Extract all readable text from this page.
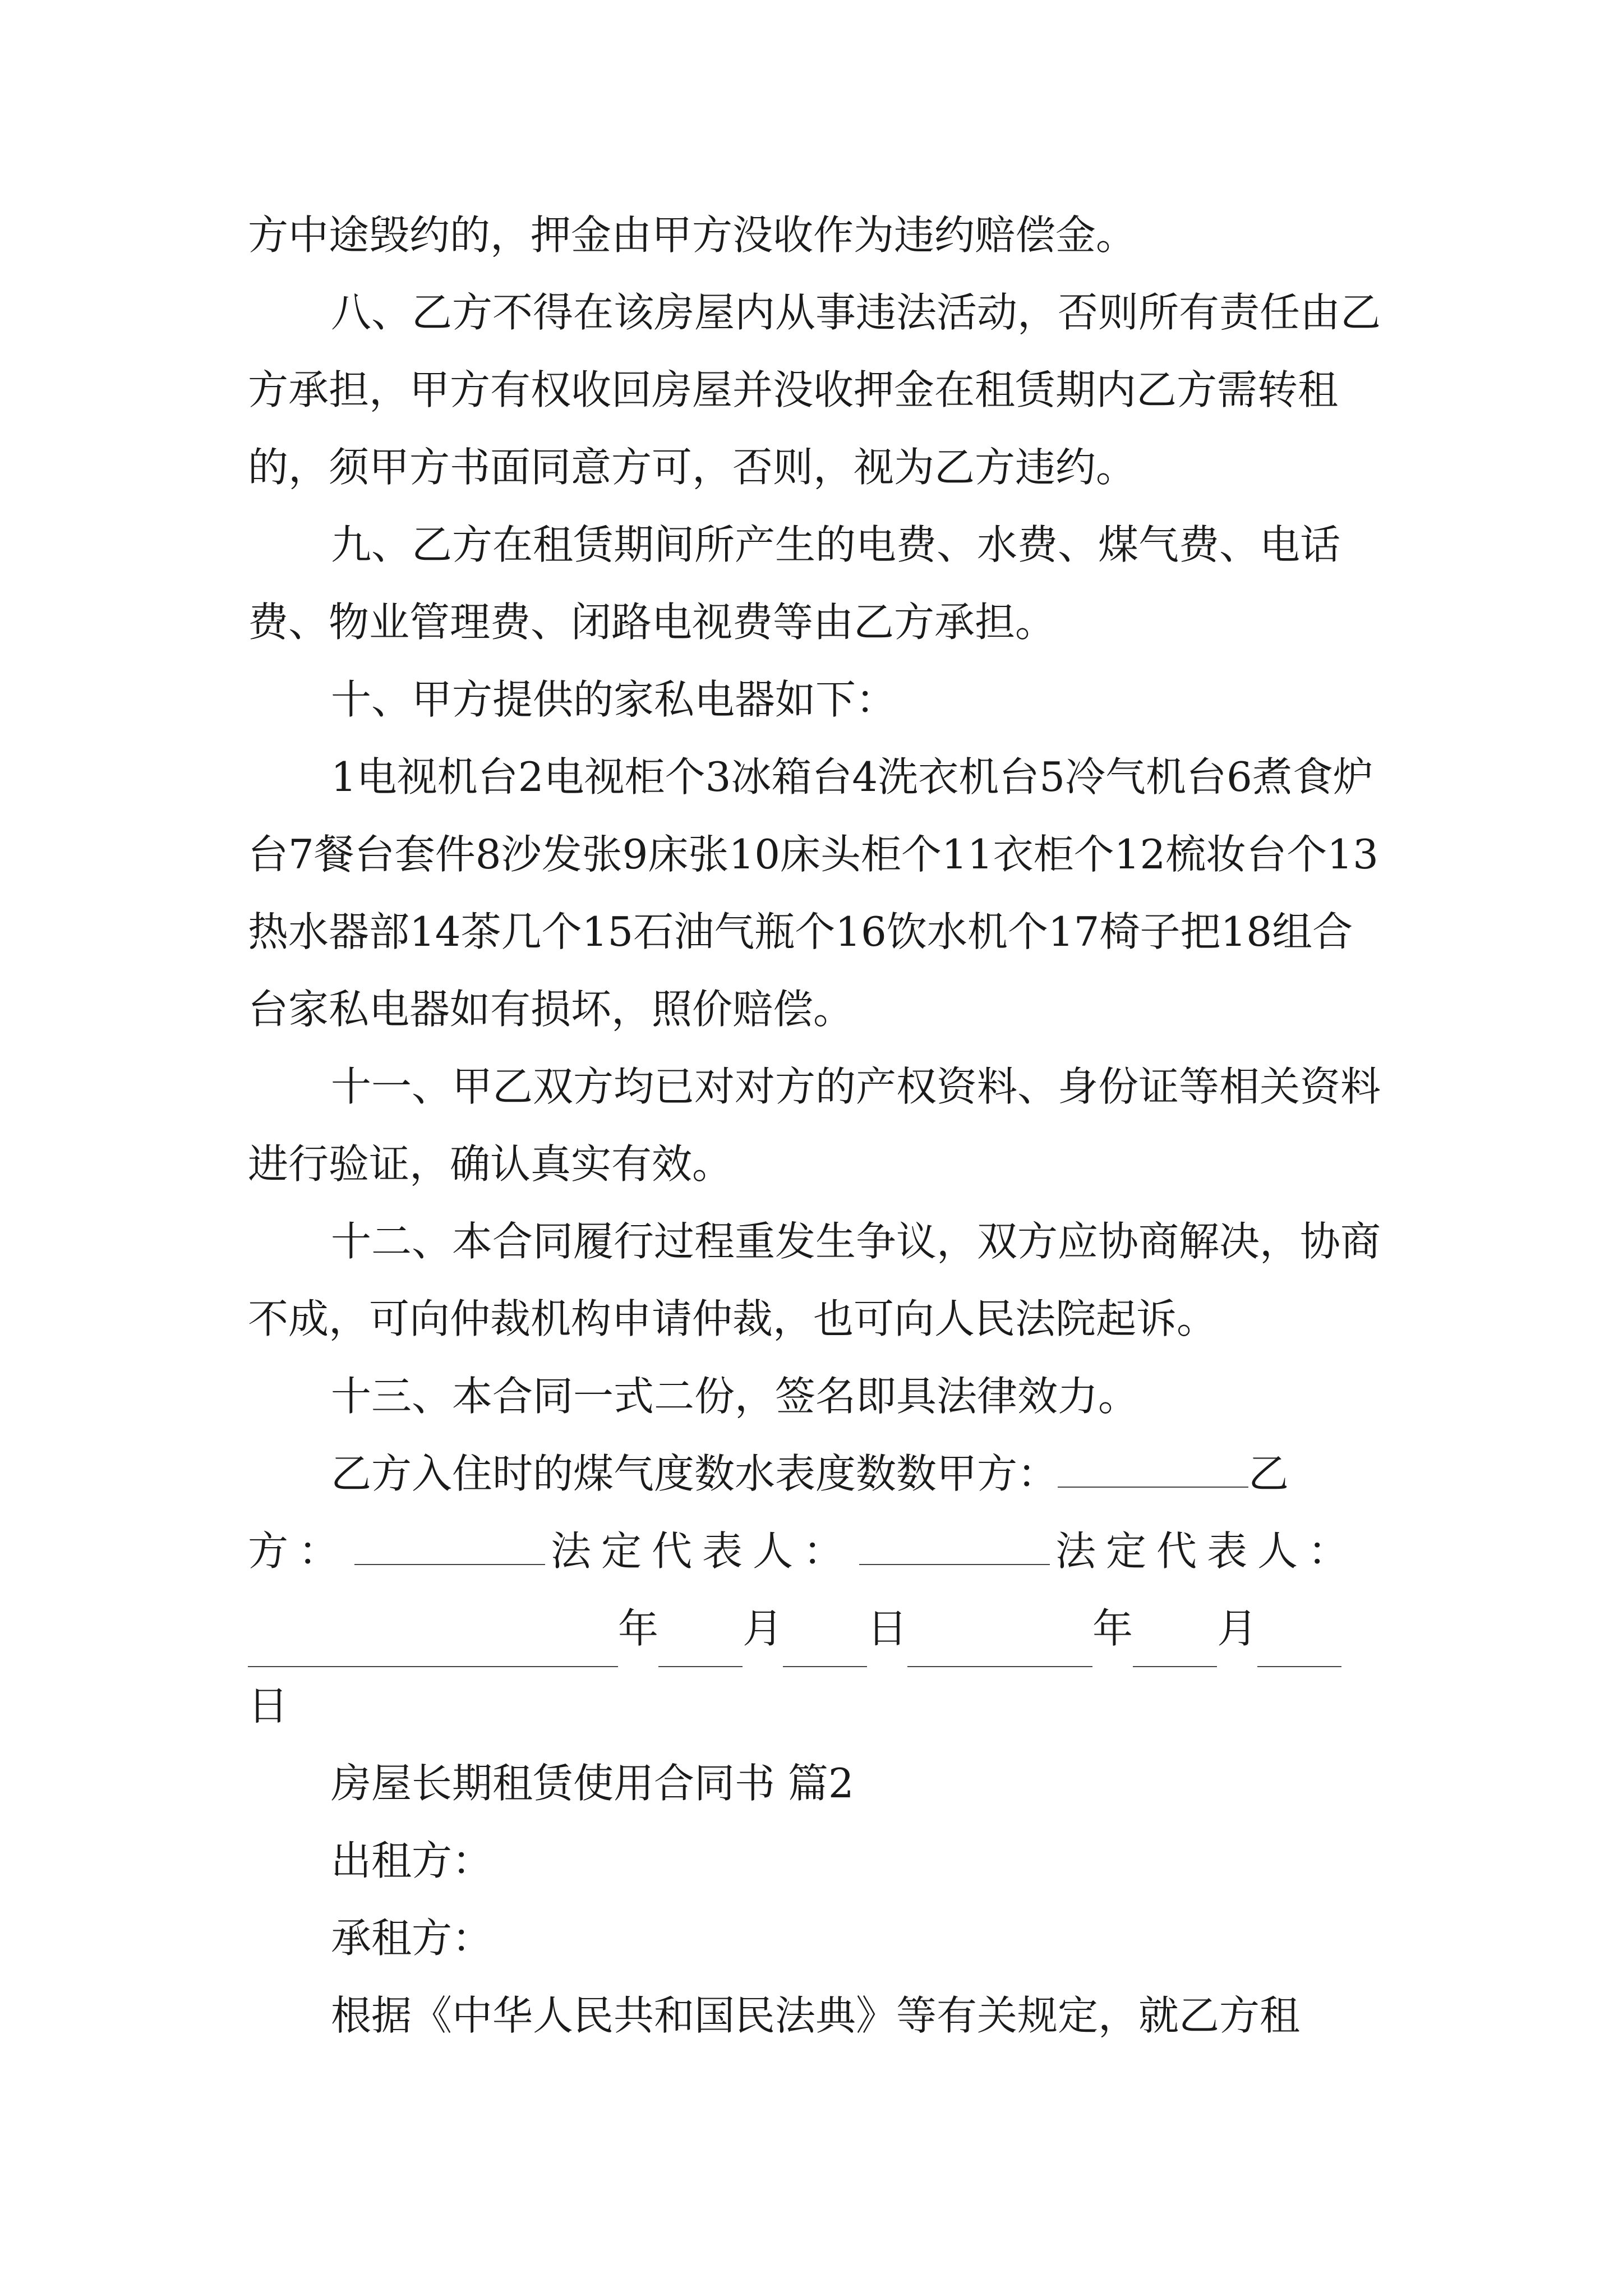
方中途毁约的，押金由甲方没收作为违约赔偿金。

八、乙方不得在该房屋内从事违法活动，否则所有责任由乙方承担，甲方有权收回房屋并没收押金在租赁期内乙方需转租的，须甲方书面同意方可，否则，视为乙方违约。

九、乙方在租赁期间所产生的电费、水费、煤气费、电话费、物业管理费、闭路电视费等由乙方承担。

十、甲方提供的家私电器如下：

1电视机台2电视柜个3冰箱台4洗衣机台5冷气机台6煮食炉台7餐台套件8沙发张9床张10床头柜个11衣柜个12梳妆台个13热水器部14茶几个15石油气瓶个16饮水机个17椅子把18组合台家私电器如有损坏，照价赔偿。

十一、甲乙双方均已对对方的产权资料、身份证等相关资料进行验证，确认真实有效。

十二、本合同履行过程重发生争议，双方应协商解决，协商不成，可向仲裁机构申请仲裁，也可向人民法院起诉。

十三、本合同一式二份，签名即具法律效力。

乙方入住时的煤气度数水表度数数甲方：	乙
方：	法定代表人：	法定代表人：
年 月 日	年 月

日

房屋长期租赁使用合同书 篇2

出租方：

承租方：

根据《中华人民共和国民法典》等有关规定，就乙方租
